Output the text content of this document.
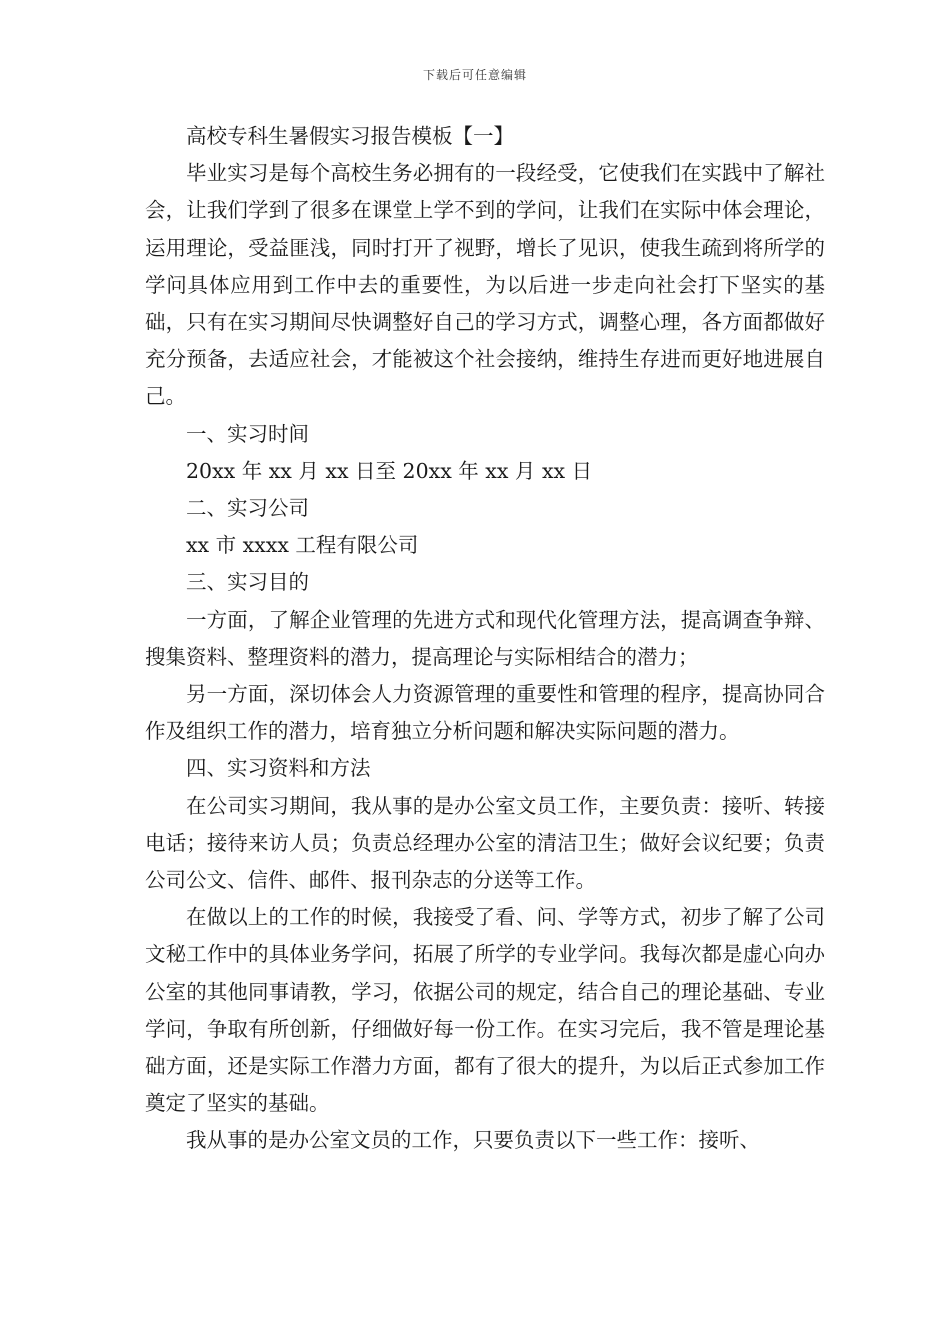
下载后可任意编辑

高校专科生暑假实习报告模板【一】

毕业实习是每个高校生务必拥有的一段经受，它使我们在实践中了解社会，让我们学到了很多在课堂上学不到的学问，让我们在实际中体会理论，运用理论，受益匪浅，同时打开了视野，增长了见识，使我生疏到将所学的学问具体应用到工作中去的重要性，为以后进一步走向社会打下坚实的基础，只有在实习期间尽快调整好自己的学习方式，调整心理，各方面都做好充分预备，去适应社会，才能被这个社会接纳，维持生存进而更好地进展自己。

一、实习时间

20xx 年 xx 月 xx 日至 20xx 年 xx 月 xx 日

二、实习公司

xx 市 xxxx 工程有限公司

三、实习目的

一方面，了解企业管理的先进方式和现代化管理方法，提高调查争辩、搜集资料、整理资料的潜力，提高理论与实际相结合的潜力；

另一方面，深切体会人力资源管理的重要性和管理的程序，提高协同合作及组织工作的潜力，培育独立分析问题和解决实际问题的潜力。

四、实习资料和方法

在公司实习期间，我从事的是办公室文员工作，主要负责：接听、转接电话；接待来访人员；负责总经理办公室的清洁卫生；做好会议纪要；负责公司公文、信件、邮件、报刊杂志的分送等工作。

在做以上的工作的时候，我接受了看、问、学等方式，初步了解了公司文秘工作中的具体业务学问，拓展了所学的专业学问。我每次都是虚心向办公室的其他同事请教，学习，依据公司的规定，结合自己的理论基础、专业学问，争取有所创新，仔细做好每一份工作。在实习完后，我不管是理论基础方面，还是实际工作潜力方面，都有了很大的提升，为以后正式参加工作奠定了坚实的基础。

我从事的是办公室文员的工作，只要负责以下一些工作：接听、
